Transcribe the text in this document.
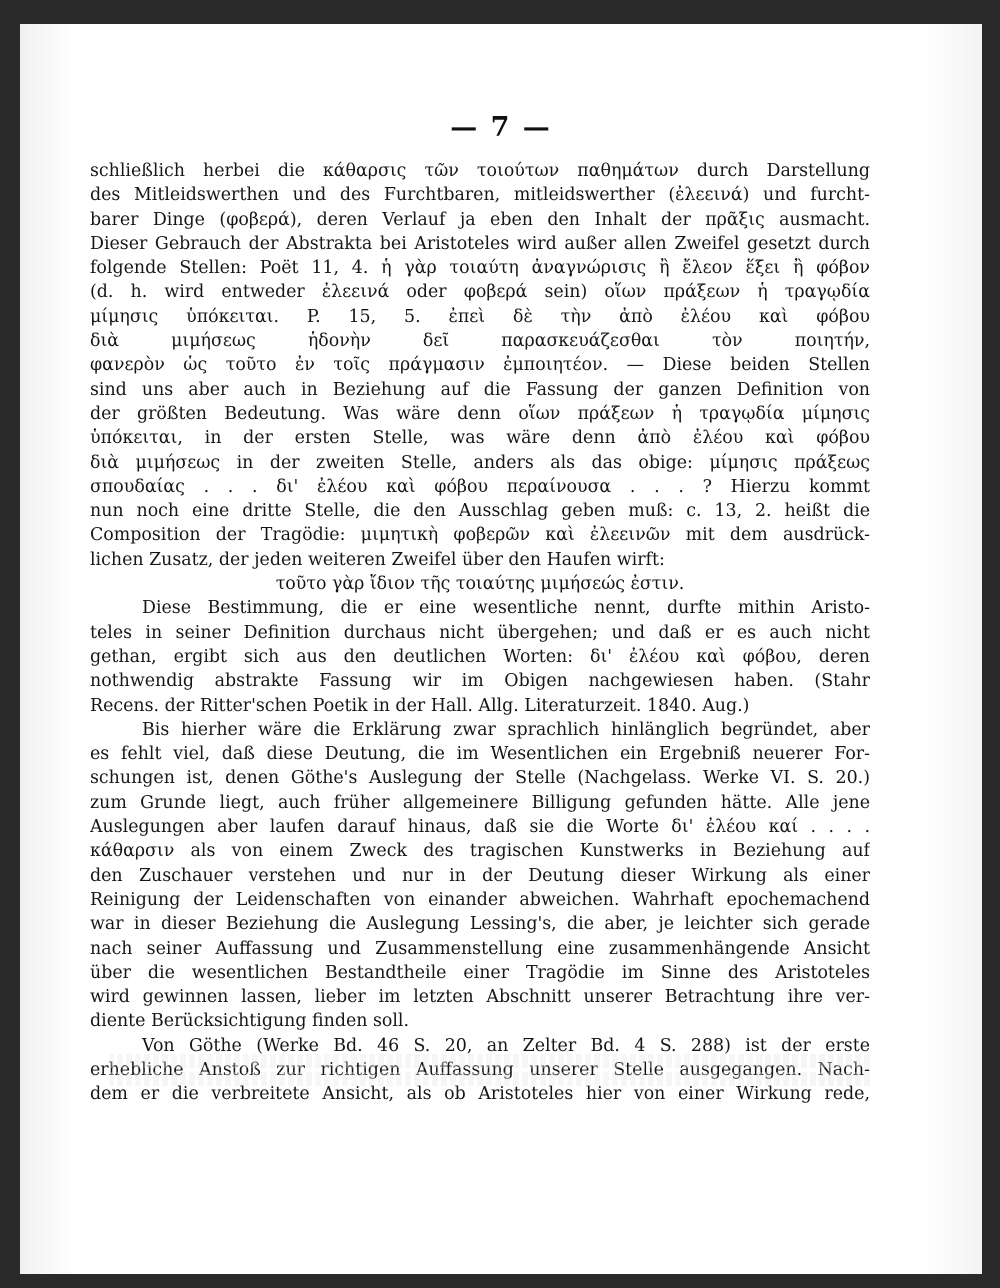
— 7 —
schließlich herbei die κάθαρσις τῶν τοιούτων παθημάτων durch Darstellung
des Mitleidswerthen und des Furchtbaren, mitleidswerther (ἐλεεινά) und furcht-
barer Dinge (φοβερά), deren Verlauf ja eben den Inhalt der πρᾶξις ausmacht.
Dieser Gebrauch der Abstrakta bei Aristoteles wird außer allen Zweifel gesetzt durch
folgende Stellen: Poët 11, 4. ἡ γὰρ τοιαύτη ἀναγνώρισις ἢ ἔλεον ἕξει ἢ φόβον
(d. h. wird entweder ἐλεεινά oder φοβερά sein) οἵων πράξεων ἡ τραγῳδία
μίμησις ὑπόκειται. P. 15, 5. ἐπεὶ δὲ τὴν ἀπὸ ἐλέου καὶ φόβου
διὰ μιμήσεως ἡδονὴν δεῖ παρασκευάζεσθαι τὸν ποιητήν,
φανερὸν ὡς τοῦτο ἐν τοῖς πράγμασιν ἐμποιητέον. — Diese beiden Stellen
sind uns aber auch in Beziehung auf die Fassung der ganzen Definition von
der größten Bedeutung. Was wäre denn οἵων πράξεων ἡ τραγῳδία μίμησις
ὑπόκειται, in der ersten Stelle, was wäre denn ἀπὸ ἐλέου καὶ φόβου
διὰ μιμήσεως in der zweiten Stelle, anders als das obige: μίμησις πράξεως
σπουδαίας . . . δι' ἐλέου καὶ φόβου περαίνουσα . . . ? Hierzu kommt
nun noch eine dritte Stelle, die den Ausschlag geben muß: c. 13, 2. heißt die
Composition der Tragödie: μιμητικὴ φοβερῶν καὶ ἐλεεινῶν mit dem ausdrück-
lichen Zusatz, der jeden weiteren Zweifel über den Haufen wirft:
τοῦτο γὰρ ἴδιον τῆς τοιαύτης μιμήσεώς ἐστιν.
Diese Bestimmung, die er eine wesentliche nennt, durfte mithin Aristo-
teles in seiner Definition durchaus nicht übergehen; und daß er es auch nicht
gethan, ergibt sich aus den deutlichen Worten: δι' ἐλέου καὶ φόβου, deren
nothwendig abstrakte Fassung wir im Obigen nachgewiesen haben. (Stahr
Recens. der Ritter'schen Poetik in der Hall. Allg. Literaturzeit. 1840. Aug.)
Bis hierher wäre die Erklärung zwar sprachlich hinlänglich begründet, aber
es fehlt viel, daß diese Deutung, die im Wesentlichen ein Ergebniß neuerer For-
schungen ist, denen Göthe's Auslegung der Stelle (Nachgelass. Werke VI. S. 20.)
zum Grunde liegt, auch früher allgemeinere Billigung gefunden hätte. Alle jene
Auslegungen aber laufen darauf hinaus, daß sie die Worte δι' ἐλέου καί . . . .
κάθαρσιν als von einem Zweck des tragischen Kunstwerks in Beziehung auf
den Zuschauer verstehen und nur in der Deutung dieser Wirkung als einer
Reinigung der Leidenschaften von einander abweichen. Wahrhaft epochemachend
war in dieser Beziehung die Auslegung Lessing's, die aber, je leichter sich gerade
nach seiner Auffassung und Zusammenstellung eine zusammenhängende Ansicht
über die wesentlichen Bestandtheile einer Tragödie im Sinne des Aristoteles
wird gewinnen lassen, lieber im letzten Abschnitt unserer Betrachtung ihre ver-
diente Berücksichtigung finden soll.
Von Göthe (Werke Bd. 46 S. 20, an Zelter Bd. 4 S. 288) ist der erste
erhebliche Anstoß zur richtigen Auffassung unserer Stelle ausgegangen. Nach-
dem er die verbreitete Ansicht, als ob Aristoteles hier von einer Wirkung rede,
